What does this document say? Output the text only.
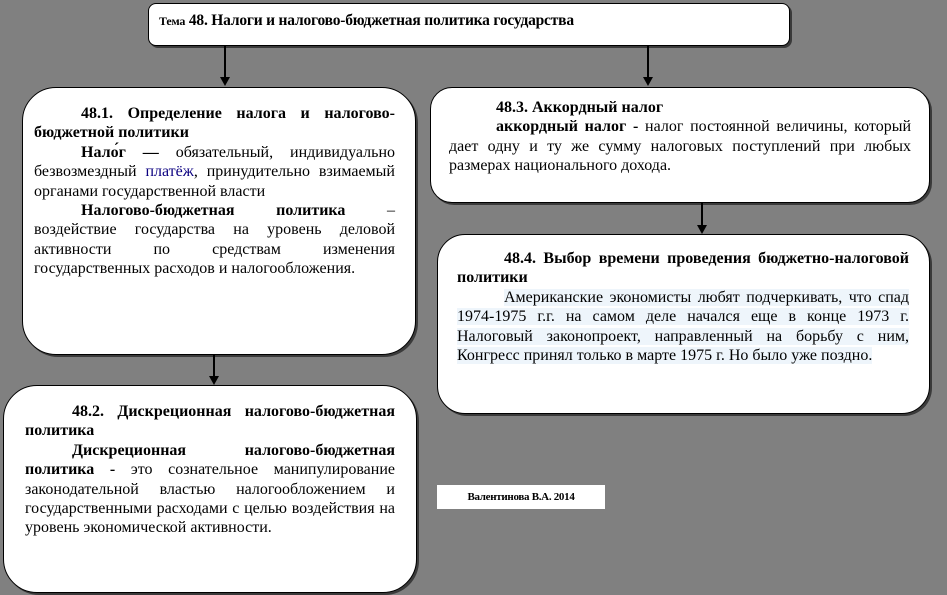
Тема 48. Налоги и налогово-бюджетная политика государства

48.1. Определение налога и налогово-бюджетной политики

Нало́г — обязательный, индивидуально безвозмездный платёж, принудительно взимаемый органами государственной власти

Налогово-бюджетная политика – воздействие государства на уровень деловой активности по средствам изменения государственных расходов и налогообложения.

48.2. Дискреционная налогово-бюджетная политика

Дискреционная налогово-бюджетная политика - это сознательное манипулирование законодательной властью налогообложением и государственными расходами с целью воздействия на уровень экономической активности.

48.3. Аккордный налог

аккордный налог - налог постоянной величины, который дает одну и ту же сумму налоговых поступлений при любых размерах национального дохода.

48.4. Выбор времени проведения бюджетно-налоговой политики

Американские экономисты любят подчеркивать, что спад 1974-1975 г.г. на самом деле начался еще в конце 1973 г. Налоговый законопроект, направленный на борьбу с ним, Конгресс принял только в марте 1975 г. Но было уже поздно.

Валентинова В.А. 2014
